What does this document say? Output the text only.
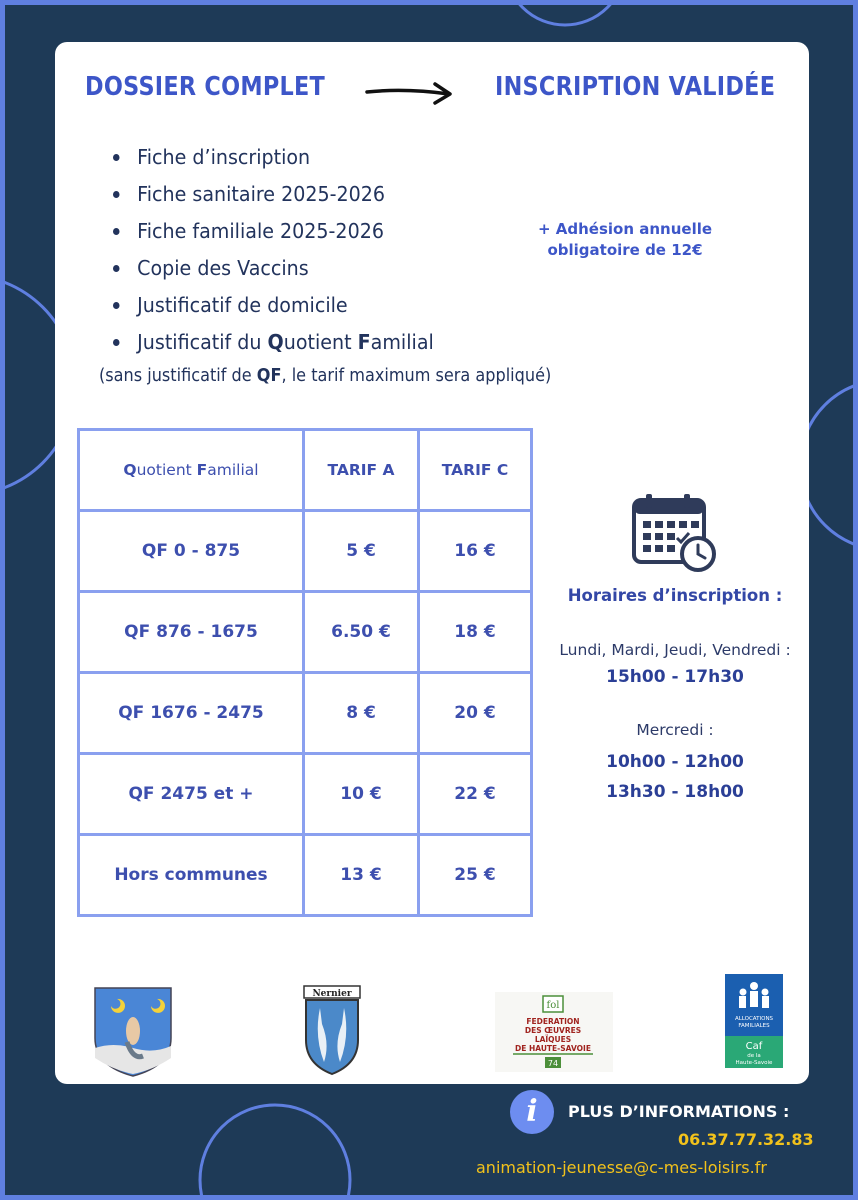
DOSSIER COMPLET	INSCRIPTION VALIDÉE
Fiche d’inscription
Fiche sanitaire 2025-2026
Fiche familiale 2025-2026
Copie des Vaccins
Justificatif de domicile
Justificatif du Quotient Familial
(sans justificatif de QF, le tarif maximum sera appliqué)
+ Adhésion annuelle
obligatoire de 12€
Quotient Familial	TARIF A	TARIF C
QF 0 - 875	5 €	16 €
QF 876 - 1675	6.50 €	18 €
QF 1676 - 2475	8 €	20 €
QF 2475 et +	10 €	22 €
Hors communes	13 €	25 €
Horaires d’inscription :
Lundi, Mardi, Jeudi, Vendredi :
15h00 - 17h30
Mercredi :
10h00 - 12h00
13h30 - 18h00
Nernier
fol
FEDERATION
DES ŒUVRES
LAÏQUES
DE HAUTE-SAVOIE
74
ALLOCATIONS
FAMILIALES
Caf
de la
Haute-Savoie
i	PLUS D’INFORMATIONS :
06.37.77.32.83
animation-jeunesse@c-mes-loisirs.fr
